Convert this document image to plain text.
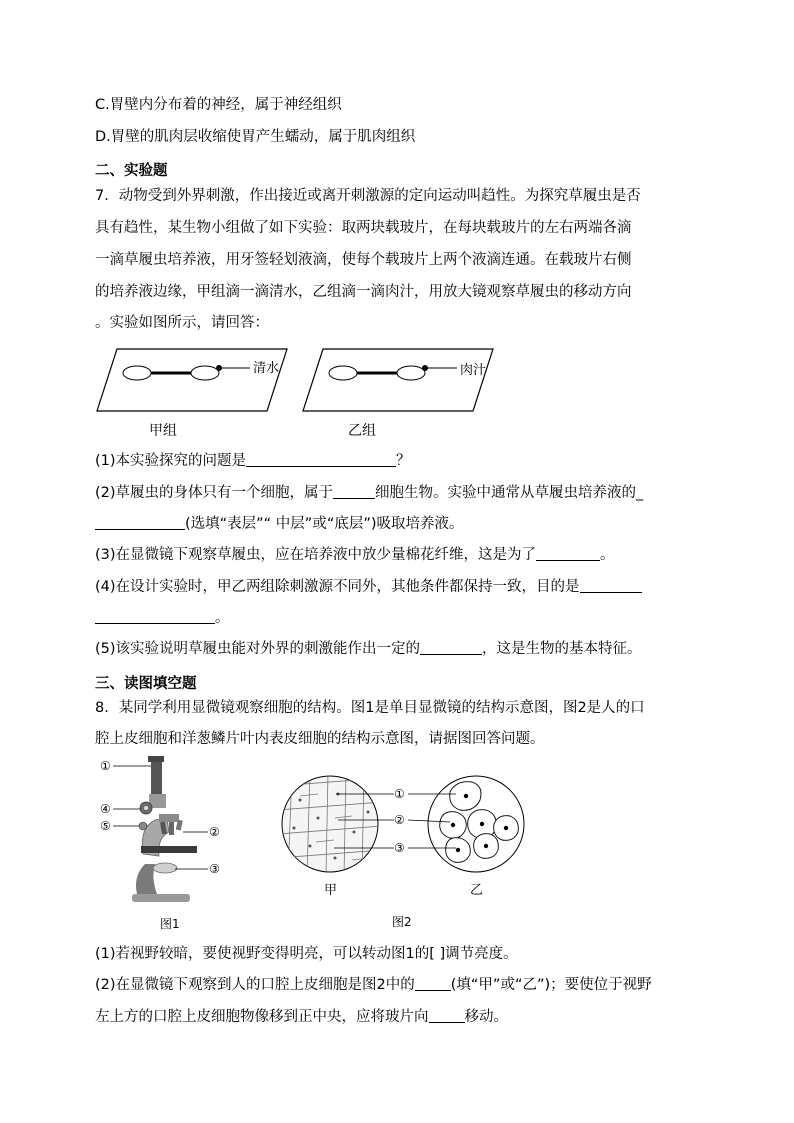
C.胃壁内分布着的神经，属于神经组织
D.胃壁的肌肉层收缩使胃产生蠕动，属于肌肉组织
二、实验题
7．动物受到外界刺激，作出接近或离开刺激源的定向运动叫趋性。为探究草履虫是否
具有趋性，某生物小组做了如下实验：取两块载玻片，在每块载玻片的左右两端各滴
一滴草履虫培养液，用牙签轻划液滴，使每个载玻片上两个液滴连通。在载玻片右侧
的培养液边缘，甲组滴一滴清水，乙组滴一滴肉汁，用放大镜观察草履虫的移动方向
。实验如图所示，请回答：
清水
甲组
肉汁
乙组
(1)本实验探究的问题是	？
(2)草履虫的身体只有一个细胞，属于	细胞生物。实验中通常从草履虫培养液的_
(选填“表层”“ 中层”或“底层”)吸取培养液。
(3)在显微镜下观察草履虫，应在培养液中放少量棉花纤维，这是为了	。
(4)在设计实验时，甲乙两组除刺激源不同外，其他条件都保持一致，目的是
。
(5)该实验说明草履虫能对外界的刺激能作出一定的	，这是生物的基本特征。
三、读图填空题
8．某同学利用显微镜观察细胞的结构。图1是单目显微镜的结构示意图，图2是人的口
腔上皮细胞和洋葱鳞片叶内表皮细胞的结构示意图，请据图回答问题。
①
④
⑤	②
③
图1
①
②
③
甲	乙
图2
(1)若视野较暗，要使视野变得明亮，可以转动图1的[ ]调节亮度。
(2)在显微镜下观察到人的口腔上皮细胞是图2中的 (填“甲”或“乙”)；要使位于视野
左上方的口腔上皮细胞物像移到正中央，应将玻片向 移动。
